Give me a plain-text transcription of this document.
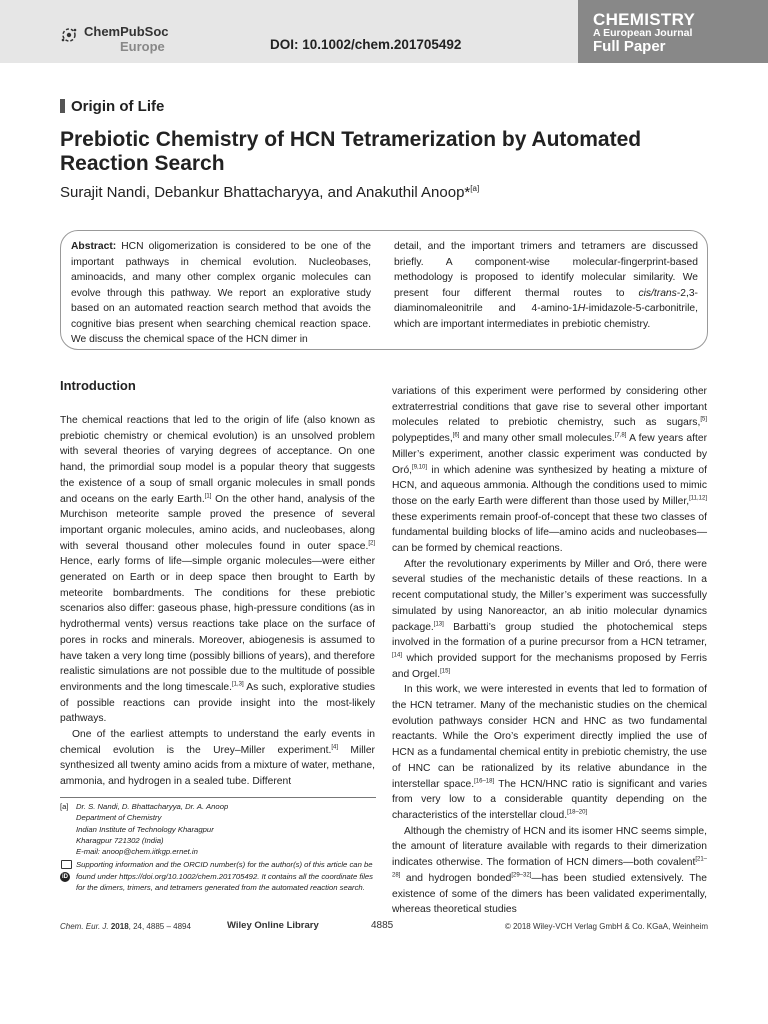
ChemPubSoc
Europe	DOI: 10.1002/chem.201705492
CHEMISTRY
A European Journal
Full Paper
Origin of Life
Prebiotic Chemistry of HCN Tetramerization by Automated Reaction Search
Surajit Nandi, Debankur Bhattacharyya, and Anakuthil Anoop*[a]
Abstract: HCN oligomerization is considered to be one of the important pathways in chemical evolution. Nucleobases, aminoacids, and many other complex organic molecules can evolve through this pathway. We report an explorative study based on an automated reaction search method that avoids the cognitive bias present when searching chemical reaction space. We discuss the chemical space of the HCN dimer in
detail, and the important trimers and tetramers are discussed briefly. A component-wise molecular-fingerprint-based methodology is proposed to identify molecular similarity. We present four different thermal routes to cis/trans-2,3-diaminomaleonitrile and 4-amino-1H-imidazole-5-carbonitrile, which are important intermediates in prebiotic chemistry.
Introduction

The chemical reactions that led to the origin of life (also known as prebiotic chemistry or chemical evolution) is an unsolved problem with several theories of varying degrees of acceptance. On one hand, the primordial soup model is a popular theory that suggests the existence of a soup of small organic molecules in small ponds and oceans on the early Earth.[1] On the other hand, analysis of the Murchison meteorite sample proved the presence of several important organic molecules, amino acids, and nucleobases, along with several thousand other molecules found in outer space.[2] Hence, early forms of life—simple organic molecules—were either generated on Earth or in deep space then brought to Earth by meteorite bombardments. The conditions for these prebiotic scenarios also differ: gaseous phase, high-pressure conditions (as in hydrothermal vents) versus reactions take place on the surface of pores in rocks and minerals. Moreover, abiogenesis is assumed to have taken a very long time (possibly billions of years), and therefore realistic simulations are not possible due to the multitude of possible environments and the long timescale.[1,3] As such, explorative studies of possible reactions can provide insight into the most-likely pathways.

One of the earliest attempts to understand the early events in chemical evolution is the Urey–Miller experiment.[4] Miller synthesized all twenty amino acids from a mixture of water, methane, ammonia, and hydrogen in a sealed tube. Different

variations of this experiment were performed by considering other extraterrestrial conditions that gave rise to several other important molecules related to prebiotic chemistry, such as sugars,[5] polypeptides,[6] and many other small molecules.[7,8] A few years after Miller’s experiment, another classic experiment was conducted by Oró,[9,10] in which adenine was synthesized by heating a mixture of HCN, and aqueous ammonia. Although the conditions used to mimic those on the early Earth were different than those used by Miller,[11,12] these experiments remain proof-of-concept that these two classes of fundamental building blocks of life—amino acids and nucleobases—can be formed by chemical reactions.

After the revolutionary experiments by Miller and Oró, there were several studies of the mechanistic details of these reactions. In a recent computational study, the Miller’s experiment was successfully simulated by using Nanoreactor, an ab initio molecular dynamics package.[13] Barbatti’s group studied the photochemical steps involved in the formation of a purine precursor from a HCN tetramer,[14] which provided support for the mechanisms proposed by Ferris and Orgel.[15]

In this work, we were interested in events that led to formation of the HCN tetramer. Many of the mechanistic studies on the chemical evolution pathways consider HCN and HNC as two fundamental reactants. While the Oro’s experiment directly implied the use of HCN as a fundamental chemical entity in prebiotic chemistry, the use of HNC can be rationalized by its relative abundance in the interstellar space.[16–18] The HCN/HNC ratio is significant and varies from very low to a considerable quantity depending on the characteristics of the interstellar cloud.[18–20]

Although the chemistry of HCN and its isomer HNC seems simple, the amount of literature available with regards to their dimerization indicates otherwise. The formation of HCN dimers—both covalent[21–28] and hydrogen bonded[29–32]—has been studied extensively. The existence of some of the dimers has been validated experimentally, whereas theoretical studies

[a] Dr. S. Nandi, D. Bhattacharyya, Dr. A. Anoop
Department of Chemistry
Indian Institute of Technology Kharagpur
Kharagpur 721302 (India)
E-mail: anoop@chem.iitkgp.ernet.in
iD
Supporting information and the ORCID number(s) for the author(s) of this article can be found under https://doi.org/10.1002/chem.201705492. It contains all the coordinate files for the dimers, trimers, and tetramers generated from the automated reaction search.
Chem. Eur. J. 2018, 24, 4885 – 4894	Wiley Online Library	4885	© 2018 Wiley-VCH Verlag GmbH & Co. KGaA, Weinheim
